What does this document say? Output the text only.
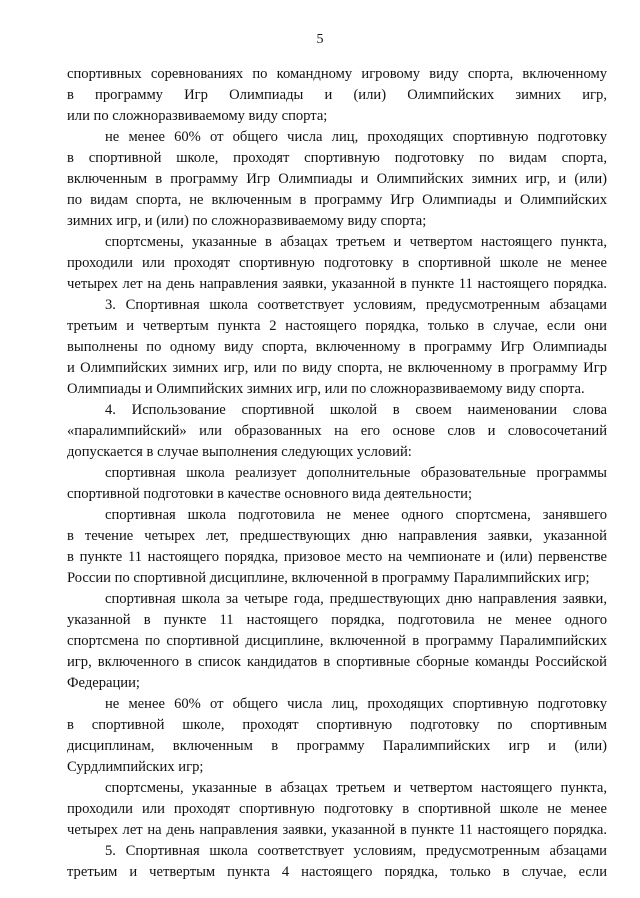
5
спортивных соревнованиях по командному игровому виду спорта, включенному
в программу Игр Олимпиады и (или) Олимпийских зимних игр,
или по сложноразвиваемому виду спорта;
не менее 60% от общего числа лиц, проходящих спортивную подготовку
в спортивной школе, проходят спортивную подготовку по видам спорта,
включенным в программу Игр Олимпиады и Олимпийских зимних игр, и (или)
по видам спорта, не включенным в программу Игр Олимпиады и Олимпийских
зимних игр, и (или) по сложноразвиваемому виду спорта;
спортсмены, указанные в абзацах третьем и четвертом настоящего пункта,
проходили или проходят спортивную подготовку в спортивной школе не менее
четырех лет на день направления заявки, указанной в пункте 11 настоящего порядка.
3. Спортивная школа соответствует условиям, предусмотренным абзацами
третьим и четвертым пункта 2 настоящего порядка, только в случае, если они
выполнены по одному виду спорта, включенному в программу Игр Олимпиады
и Олимпийских зимних игр, или по виду спорта, не включенному в программу Игр
Олимпиады и Олимпийских зимних игр, или по сложноразвиваемому виду спорта.
4. Использование спортивной школой в своем наименовании слова
«паралимпийский» или образованных на его основе слов и словосочетаний
допускается в случае выполнения следующих условий:
спортивная школа реализует дополнительные образовательные программы
спортивной подготовки в качестве основного вида деятельности;
спортивная школа подготовила не менее одного спортсмена, занявшего
в течение четырех лет, предшествующих дню направления заявки, указанной
в пункте 11 настоящего порядка, призовое место на чемпионате и (или) первенстве
России по спортивной дисциплине, включенной в программу Паралимпийских игр;
спортивная школа за четыре года, предшествующих дню направления заявки,
указанной в пункте 11 настоящего порядка, подготовила не менее одного
спортсмена по спортивной дисциплине, включенной в программу Паралимпийских
игр, включенного в список кандидатов в спортивные сборные команды Российской
Федерации;
не менее 60% от общего числа лиц, проходящих спортивную подготовку
в спортивной школе, проходят спортивную подготовку по спортивным
дисциплинам, включенным в программу Паралимпийских игр и (или)
Сурдлимпийских игр;
спортсмены, указанные в абзацах третьем и четвертом настоящего пункта,
проходили или проходят спортивную подготовку в спортивной школе не менее
четырех лет на день направления заявки, указанной в пункте 11 настоящего порядка.
5. Спортивная школа соответствует условиям, предусмотренным абзацами
третьим и четвертым пункта 4 настоящего порядка, только в случае, если
